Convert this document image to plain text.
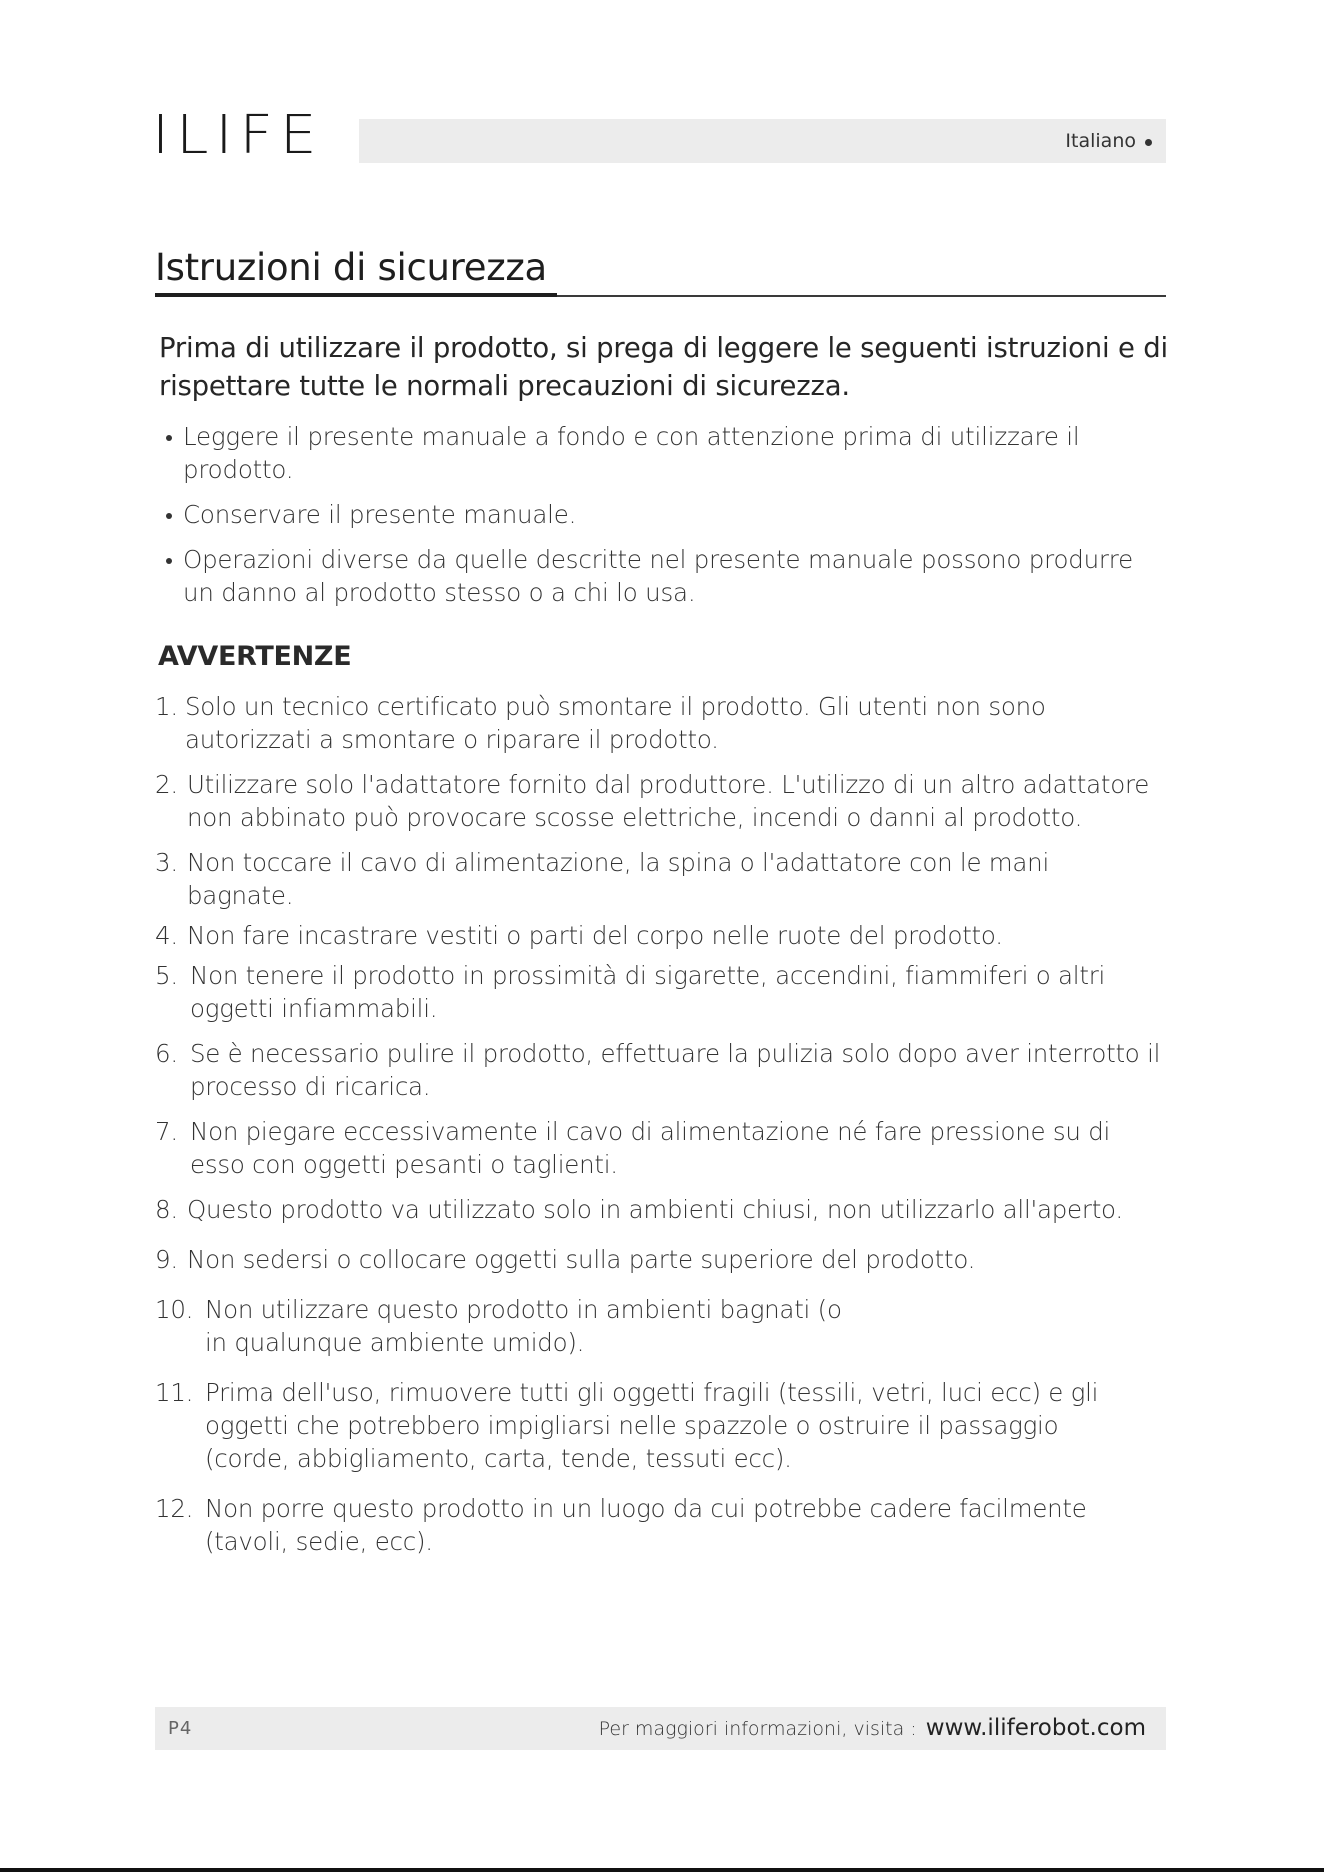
ILIFE	Italiano
Istruzioni di sicurezza

Prima di utilizzare il prodotto, si prega di leggere le seguenti istruzioni e di rispettare tutte le normali precauzioni di sicurezza.

Leggere il presente manuale a fondo e con attenzione prima di utilizzare il prodotto.
Conservare il presente manuale.
Operazioni diverse da quelle descritte nel presente manuale possono produrre un danno al prodotto stesso o a chi lo usa.
AVVERTENZE
1. Solo un tecnico certificato può smontare il prodotto. Gli utenti non sono autorizzati a smontare o riparare il prodotto.
2. Utilizzare solo l'adattatore fornito dal produttore. L'utilizzo di un altro adattatore non abbinato può provocare scosse elettriche, incendi o danni al prodotto.
3. Non toccare il cavo di alimentazione, la spina o l'adattatore con le mani bagnate.
4. Non fare incastrare vestiti o parti del corpo nelle ruote del prodotto.
5. Non tenere il prodotto in prossimità di sigarette, accendini, fiammiferi o altri oggetti infiammabili.
6. Se è necessario pulire il prodotto, effettuare la pulizia solo dopo aver interrotto il processo di ricarica.
7. Non piegare eccessivamente il cavo di alimentazione né fare pressione su di esso con oggetti pesanti o taglienti.
8. Questo prodotto va utilizzato solo in ambienti chiusi, non utilizzarlo all'aperto.
9. Non sedersi o collocare oggetti sulla parte superiore del prodotto.
10. Non utilizzare questo prodotto in ambienti bagnati (o in qualunque ambiente umido).
11. Prima dell'uso, rimuovere tutti gli oggetti fragili (tessili, vetri, luci ecc) e gli oggetti che potrebbero impigliarsi nelle spazzole o ostruire il passaggio (corde, abbigliamento, carta, tende, tessuti ecc).
12. Non porre questo prodotto in un luogo da cui potrebbe cadere facilmente (tavoli, sedie, ecc).
P4	Per maggiori informazioni, visita : www.iliferobot.com
